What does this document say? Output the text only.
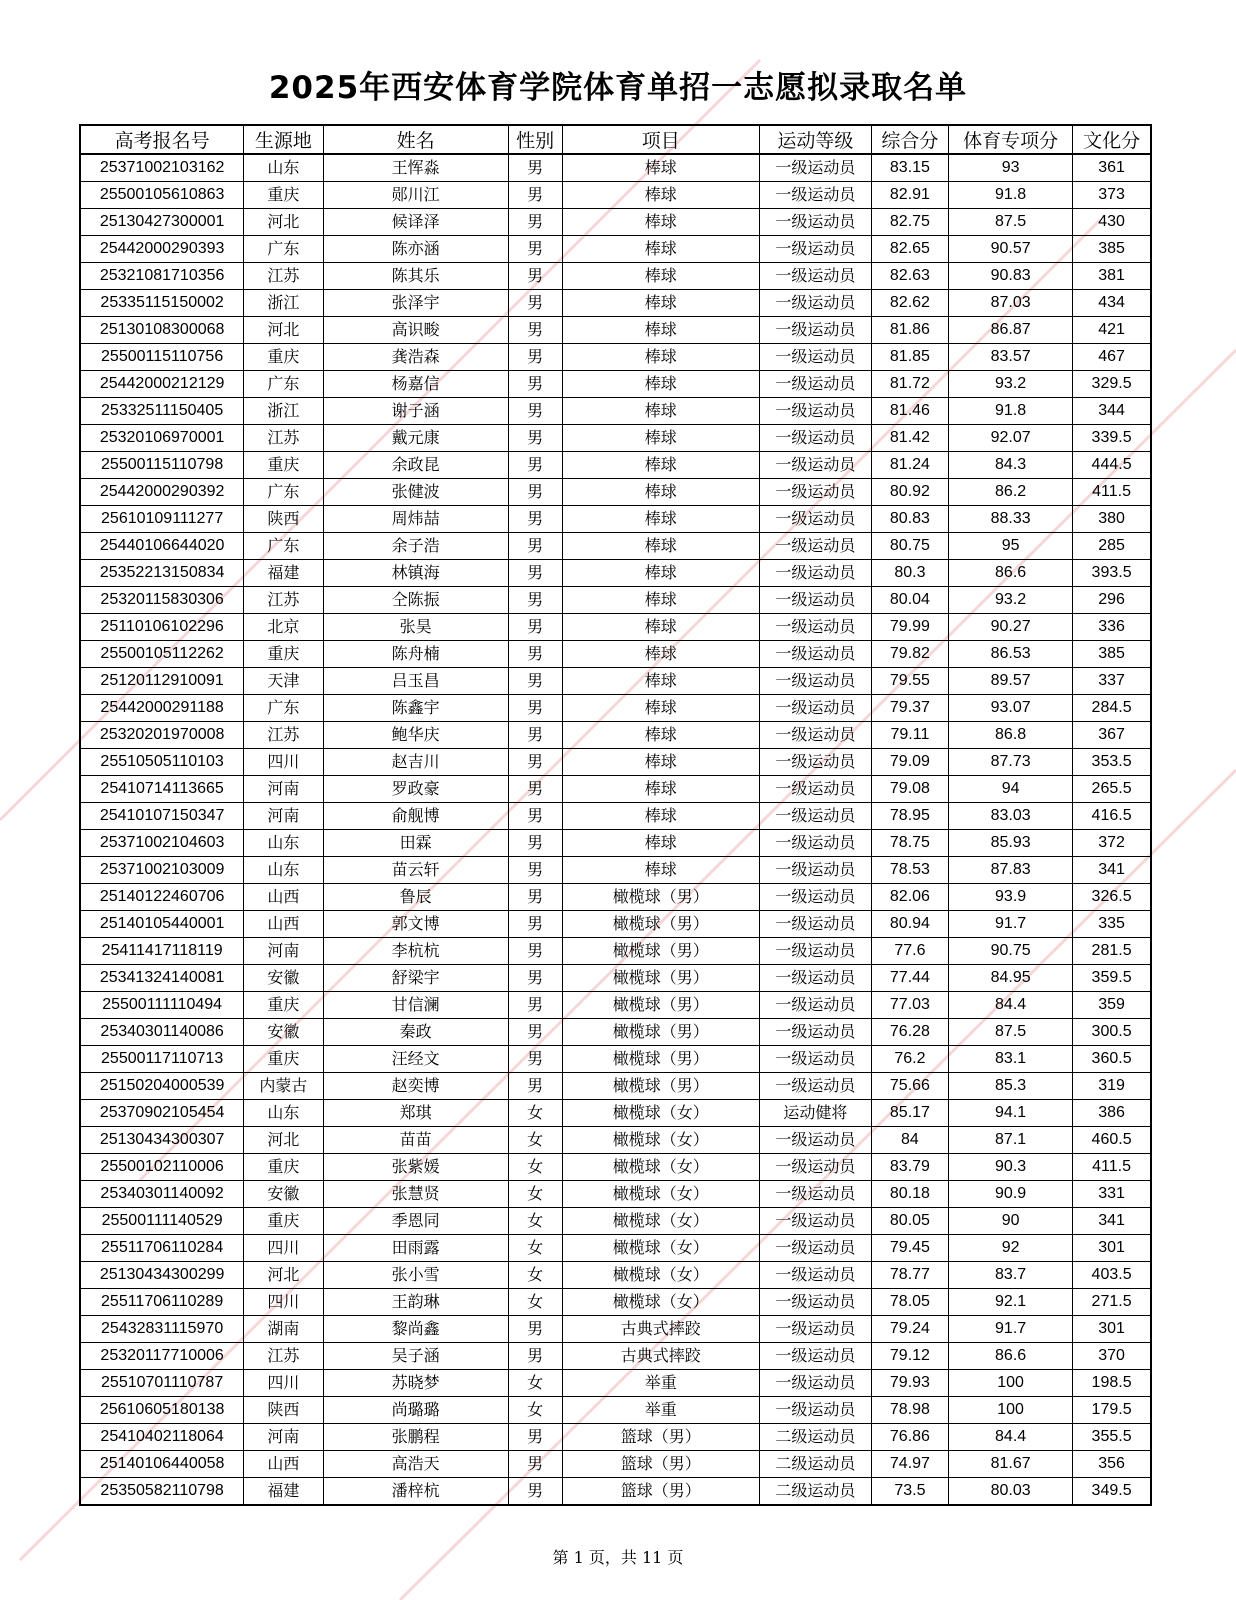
2025年西安体育学院体育单招一志愿拟录取名单
高考报名号	生源地	姓名	性别	项目	运动等级	综合分	体育专项分	文化分
25371002103162	山东	王恽淼	男	棒球	一级运动员	83.15	93	361
25500105610863	重庆	郧川江	男	棒球	一级运动员	82.91	91.8	373
25130427300001	河北	候译泽	男	棒球	一级运动员	82.75	87.5	430
25442000290393	广东	陈亦涵	男	棒球	一级运动员	82.65	90.57	385
25321081710356	江苏	陈其乐	男	棒球	一级运动员	82.63	90.83	381
25335115150002	浙江	张泽宇	男	棒球	一级运动员	82.62	87.03	434
25130108300068	河北	高识畯	男	棒球	一级运动员	81.86	86.87	421
25500115110756	重庆	龚浩森	男	棒球	一级运动员	81.85	83.57	467
25442000212129	广东	杨嘉信	男	棒球	一级运动员	81.72	93.2	329.5
25332511150405	浙江	谢子涵	男	棒球	一级运动员	81.46	91.8	344
25320106970001	江苏	戴元康	男	棒球	一级运动员	81.42	92.07	339.5
25500115110798	重庆	余政昆	男	棒球	一级运动员	81.24	84.3	444.5
25442000290392	广东	张健波	男	棒球	一级运动员	80.92	86.2	411.5
25610109111277	陕西	周炜喆	男	棒球	一级运动员	80.83	88.33	380
25440106644020	广东	余子浩	男	棒球	一级运动员	80.75	95	285
25352213150834	福建	林镇海	男	棒球	一级运动员	80.3	86.6	393.5
25320115830306	江苏	仝陈振	男	棒球	一级运动员	80.04	93.2	296
25110106102296	北京	张昊	男	棒球	一级运动员	79.99	90.27	336
25500105112262	重庆	陈舟楠	男	棒球	一级运动员	79.82	86.53	385
25120112910091	天津	吕玉昌	男	棒球	一级运动员	79.55	89.57	337
25442000291188	广东	陈鑫宇	男	棒球	一级运动员	79.37	93.07	284.5
25320201970008	江苏	鲍华庆	男	棒球	一级运动员	79.11	86.8	367
25510505110103	四川	赵吉川	男	棒球	一级运动员	79.09	87.73	353.5
25410714113665	河南	罗政豪	男	棒球	一级运动员	79.08	94	265.5
25410107150347	河南	俞舰博	男	棒球	一级运动员	78.95	83.03	416.5
25371002104603	山东	田霖	男	棒球	一级运动员	78.75	85.93	372
25371002103009	山东	苗云轩	男	棒球	一级运动员	78.53	87.83	341
25140122460706	山西	鲁辰	男	橄榄球（男）	一级运动员	82.06	93.9	326.5
25140105440001	山西	郭文博	男	橄榄球（男）	一级运动员	80.94	91.7	335
25411417118119	河南	李杭杭	男	橄榄球（男）	一级运动员	77.6	90.75	281.5
25341324140081	安徽	舒梁宇	男	橄榄球（男）	一级运动员	77.44	84.95	359.5
25500111110494	重庆	甘信澜	男	橄榄球（男）	一级运动员	77.03	84.4	359
25340301140086	安徽	秦政	男	橄榄球（男）	一级运动员	76.28	87.5	300.5
25500117110713	重庆	汪经文	男	橄榄球（男）	一级运动员	76.2	83.1	360.5
25150204000539	内蒙古	赵奕博	男	橄榄球（男）	一级运动员	75.66	85.3	319
25370902105454	山东	郑琪	女	橄榄球（女）	运动健将	85.17	94.1	386
25130434300307	河北	苗苗	女	橄榄球（女）	一级运动员	84	87.1	460.5
25500102110006	重庆	张紫媛	女	橄榄球（女）	一级运动员	83.79	90.3	411.5
25340301140092	安徽	张慧贤	女	橄榄球（女）	一级运动员	80.18	90.9	331
25500111140529	重庆	季恩同	女	橄榄球（女）	一级运动员	80.05	90	341
25511706110284	四川	田雨露	女	橄榄球（女）	一级运动员	79.45	92	301
25130434300299	河北	张小雪	女	橄榄球（女）	一级运动员	78.77	83.7	403.5
25511706110289	四川	王韵琳	女	橄榄球（女）	一级运动员	78.05	92.1	271.5
25432831115970	湖南	黎尚鑫	男	古典式摔跤	一级运动员	79.24	91.7	301
25320117710006	江苏	吴子涵	男	古典式摔跤	一级运动员	79.12	86.6	370
25510701110787	四川	苏晓梦	女	举重	一级运动员	79.93	100	198.5
25610605180138	陕西	尚璐璐	女	举重	一级运动员	78.98	100	179.5
25410402118064	河南	张鹏程	男	篮球（男）	二级运动员	76.86	84.4	355.5
25140106440058	山西	高浩天	男	篮球（男）	二级运动员	74.97	81.67	356
25350582110798	福建	潘梓杭	男	篮球（男）	二级运动员	73.5	80.03	349.5
第 1 页，共 11 页
